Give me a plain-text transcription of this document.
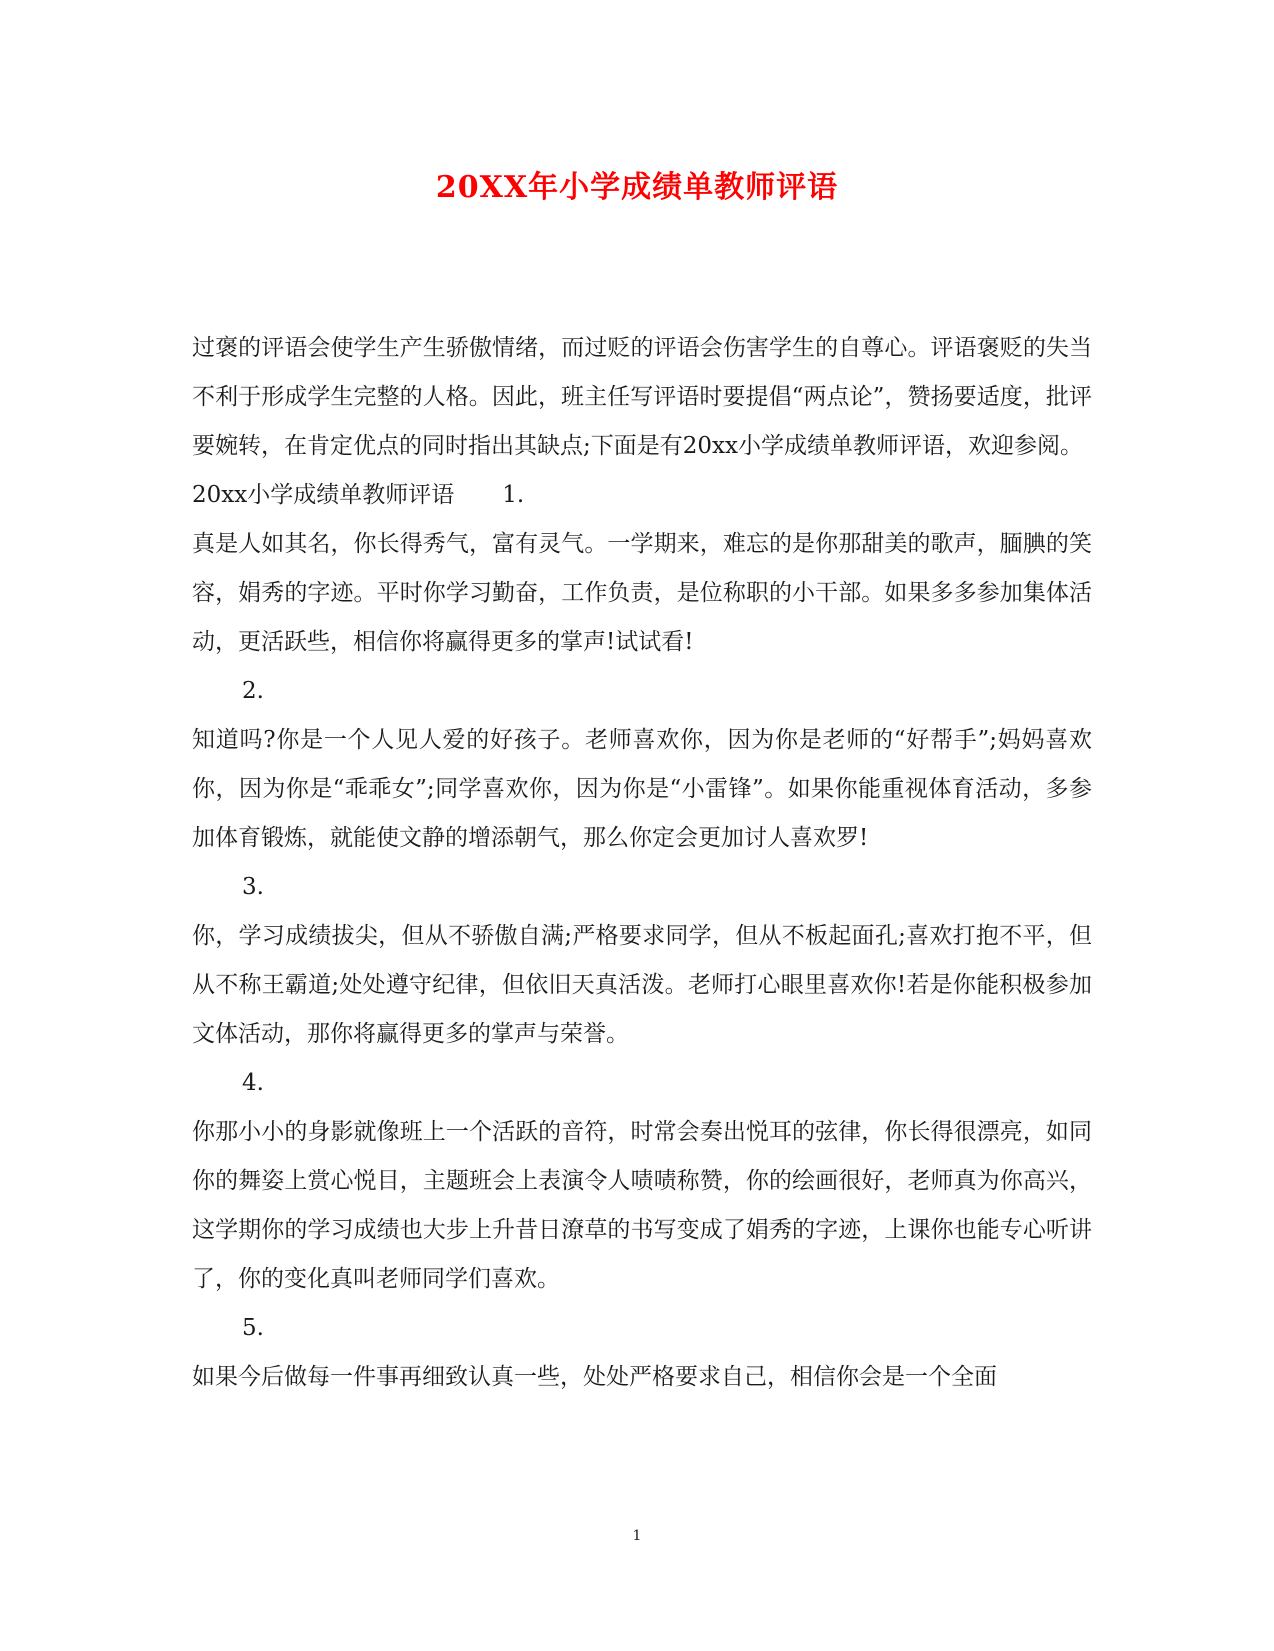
20XX年小学成绩单教师评语

过褒的评语会使学生产生骄傲情绪，而过贬的评语会伤害学生的自尊心。评语褒贬的失当不利于形成学生完整的人格。因此，班主任写评语时要提倡“两点论”，赞扬要适度，批评要婉转，在肯定优点的同时指出其缺点;下面是有20xx小学成绩单教师评语，欢迎参阅。

20xx小学成绩单教师评语 1.

真是人如其名，你长得秀气，富有灵气。一学期来，难忘的是你那甜美的歌声，腼腆的笑容，娟秀的字迹。平时你学习勤奋，工作负责，是位称职的小干部。如果多多参加集体活动，更活跃些，相信你将赢得更多的掌声!试试看!

2.

知道吗?你是一个人见人爱的好孩子。老师喜欢你，因为你是老师的“好帮手”;妈妈喜欢你，因为你是“乖乖女”;同学喜欢你，因为你是“小雷锋”。如果你能重视体育活动，多参加体育锻炼，就能使文静的增添朝气，那么你定会更加讨人喜欢罗!

3.

你，学习成绩拔尖，但从不骄傲自满;严格要求同学，但从不板起面孔;喜欢打抱不平，但从不称王霸道;处处遵守纪律，但依旧天真活泼。老师打心眼里喜欢你!若是你能积极参加文体活动，那你将赢得更多的掌声与荣誉。

4.

你那小小的身影就像班上一个活跃的音符，时常会奏出悦耳的弦律，你长得很漂亮，如同你的舞姿上赏心悦目，主题班会上表演令人啧啧称赞，你的绘画很好，老师真为你高兴，这学期你的学习成绩也大步上升昔日潦草的书写变成了娟秀的字迹，上课你也能专心听讲了，你的变化真叫老师同学们喜欢。

5.

如果今后做每一件事再细致认真一些，处处严格要求自己，相信你会是一个全面

1
